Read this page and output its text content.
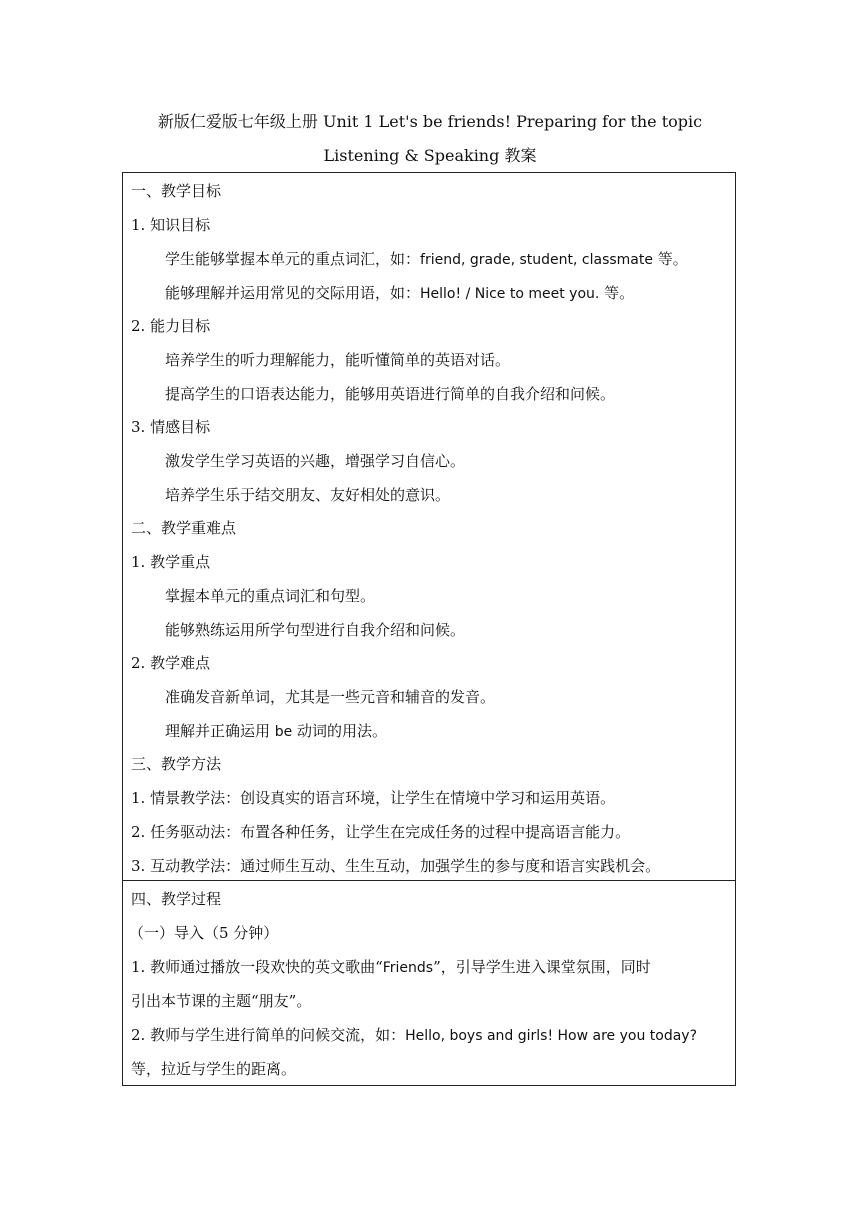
新版仁爱版七年级上册 Unit 1 Let's be friends! Preparing for the topic
Listening & Speaking 教案
一、教学目标
1. 知识目标
学生能够掌握本单元的重点词汇，如：friend, grade, student, classmate 等。
能够理解并运用常见的交际用语，如：Hello! / Nice to meet you. 等。
2. 能力目标
培养学生的听力理解能力，能听懂简单的英语对话。
提高学生的口语表达能力，能够用英语进行简单的自我介绍和问候。
3. 情感目标
激发学生学习英语的兴趣，增强学习自信心。
培养学生乐于结交朋友、友好相处的意识。
二、教学重难点
1. 教学重点
掌握本单元的重点词汇和句型。
能够熟练运用所学句型进行自我介绍和问候。
2. 教学难点
准确发音新单词，尤其是一些元音和辅音的发音。
理解并正确运用 be 动词的用法。
三、教学方法
1. 情景教学法：创设真实的语言环境，让学生在情境中学习和运用英语。
2. 任务驱动法：布置各种任务，让学生在完成任务的过程中提高语言能力。
3. 互动教学法：通过师生互动、生生互动，加强学生的参与度和语言实践机会。
四、教学过程
（一）导入（5 分钟）
1. 教师通过播放一段欢快的英文歌曲“Friends”，引导学生进入课堂氛围，同时
引出本节课的主题“朋友”。
2. 教师与学生进行简单的问候交流，如：Hello, boys and girls! How are you today?
等，拉近与学生的距离。
